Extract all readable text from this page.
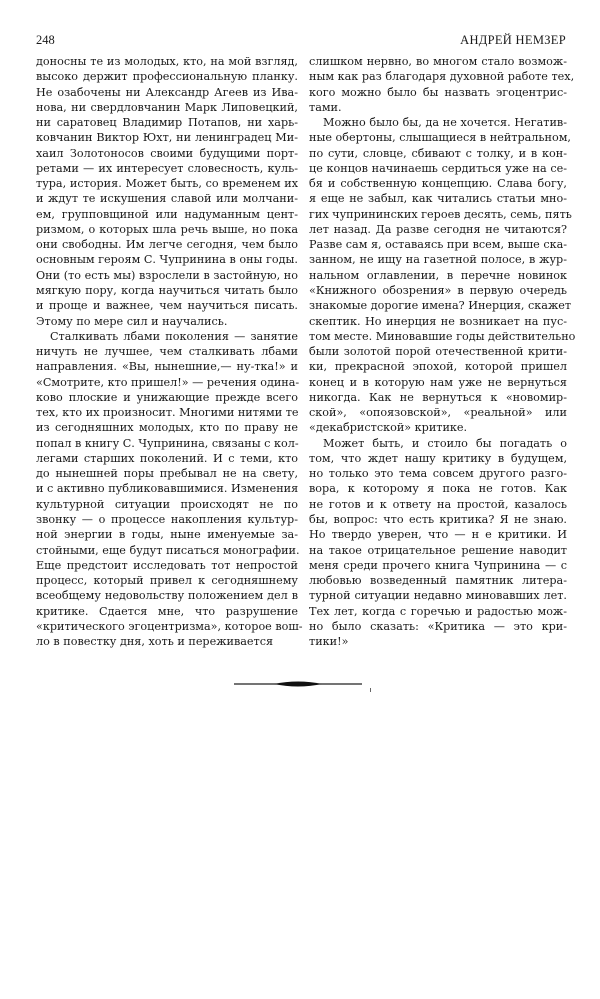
248	АНДРЕЙ НЕМЗЕР
доносны те из молодых, кто, на мой взгляд,
высоко держит профессиональную планку.
Не озабочены ни Александр Агеев из Ива-
нова, ни свердловчанин Марк Липовецкий,
ни саратовец Владимир Потапов, ни харь-
ковчанин Виктор Юхт, ни ленинградец Ми-
хаил Золотоносов своими будущими порт-
ретами — их интересует словесность, куль-
тура, история. Может быть, со временем их
и ждут те искушения славой или молчани-
ем, групповщиной или надуманным цент-
ризмом, о которых шла речь выше, но пока
они свободны. Им легче сегодня, чем было
основным героям С. Чупринина в оны годы.
Они (то есть мы) взрослели в застойную, но
мягкую пору, когда научиться читать было
и проще и важнее, чем научиться писать.
Этому по мере сил и научались.
Сталкивать лбами поколения — занятие
ничуть не лучшее, чем сталкивать лбами
направления. «Вы, нынешние,— ну-тка!» и
«Смотрите, кто пришел!» — речения одина-
ково плоские и унижающие прежде всего
тех, кто их произносит. Многими нитями те
из сегодняшних молодых, кто по праву не
попал в книгу С. Чупринина, связаны с кол-
легами старших поколений. И с теми, кто
до нынешней поры пребывал не на свету,
и с активно публиковавшимися. Изменения
культурной ситуации происходят не по
звонку — о процессе накопления культур-
ной энергии в годы, ныне именуемые за-
стойными, еще будут писаться монографии.
Еще предстоит исследовать тот непростой
процесс, который привел к сегодняшнему
всеобщему недовольству положением дел в
критике. Сдается мне, что разрушение
«критического эгоцентризма», которое вош-
ло в повестку дня, хоть и переживается
слишком нервно, во многом стало возмож-
ным как раз благодаря духовной работе тех,
кого можно было бы назвать эгоцентрис-
тами.
Можно было бы, да не хочется. Негатив-
ные обертоны, слышащиеся в нейтральном,
по сути, словце, сбивают с толку, и в кон-
це концов начинаешь сердиться уже на се-
бя и собственную концепцию. Слава богу,
я еще не забыл, как читались статьи мно-
гих чупрининских героев десять, семь, пять
лет назад. Да разве сегодня не читаются?
Разве сам я, оставаясь при всем, выше ска-
занном, не ищу на газетной полосе, в жур-
нальном оглавлении, в перечне новинок
«Книжного обозрения» в первую очередь
знакомые дорогие имена? Инерция, скажет
скептик. Но инерция не возникает на пус-
том месте. Миновавшие годы действительно
были золотой порой отечественной крити-
ки, прекрасной эпохой, которой пришел
конец и в которую нам уже не вернуться
никогда. Как не вернуться к «новомир-
ской», «опоязовской», «реальной» или
«декабристской» критике.
Может быть, и стоило бы погадать о
том, что ждет нашу критику в будущем,
но только это тема совсем другого разго-
вора, к которому я пока не готов. Как
не готов и к ответу на простой, казалось
бы, вопрос: что есть критика? Я не знаю.
Но твердо уверен, что — н е критики. И
на такое отрицательное решение наводит
меня среди прочего книга Чупринина — с
любовью возведенный памятник литера-
турной ситуации недавно миновавших лет.
Тех лет, когда с горечью и радостью мож-
но было сказать: «Критика — это кри-
тики!»
